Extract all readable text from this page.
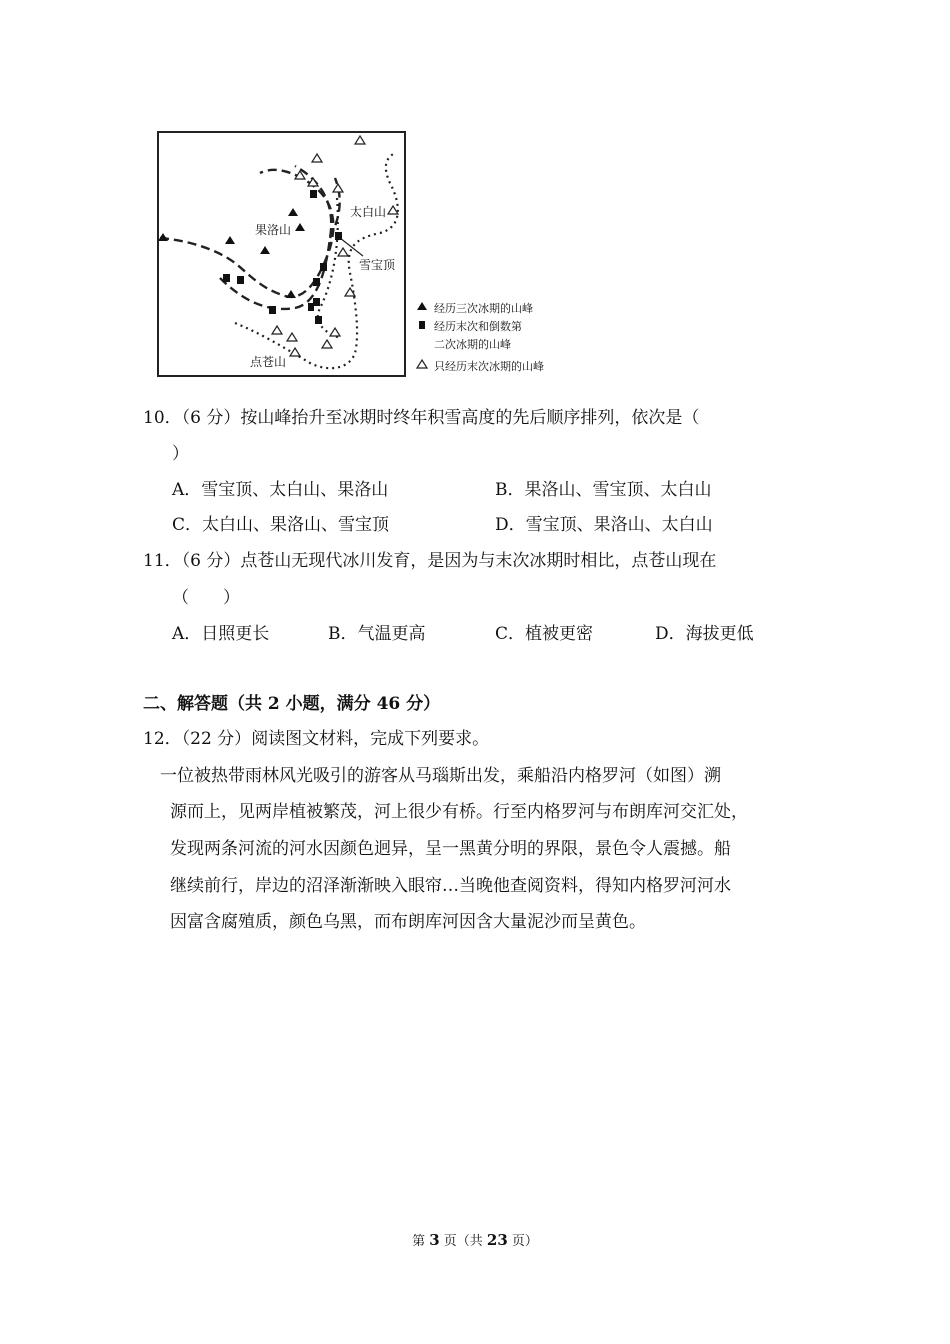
太白山
果洛山
雪宝顶
点苍山
经历三次冰期的山峰
经历末次和倒数第
二次冰期的山峰
只经历末次冰期的山峰
10．（6 分）按山峰抬升至冰期时终年积雪高度的先后顺序排列，依次是（
）
A．雪宝顶、太白山、果洛山	B．果洛山、雪宝顶、太白山
C．太白山、果洛山、雪宝顶	D．雪宝顶、果洛山、太白山
11．（6 分）点苍山无现代冰川发育，是因为与末次冰期时相比，点苍山现在
（　　）
A．日照更长	B．气温更高	C．植被更密	D．海拔更低
二、解答题（共 2 小题，满分 46 分）
12．（22 分）阅读图文材料，完成下列要求。
一位被热带雨林风光吸引的游客从马瑙斯出发，乘船沿内格罗河（如图）溯
源而上，见两岸植被繁茂，河上很少有桥。行至内格罗河与布朗库河交汇处，
发现两条河流的河水因颜色迥异，呈一黑黄分明的界限，景色令人震撼。船
继续前行，岸边的沼泽渐渐映入眼帘…当晚他查阅资料，得知内格罗河河水
因富含腐殖质，颜色乌黑，而布朗库河因含大量泥沙而呈黄色。
第 3 页（共 23 页）
